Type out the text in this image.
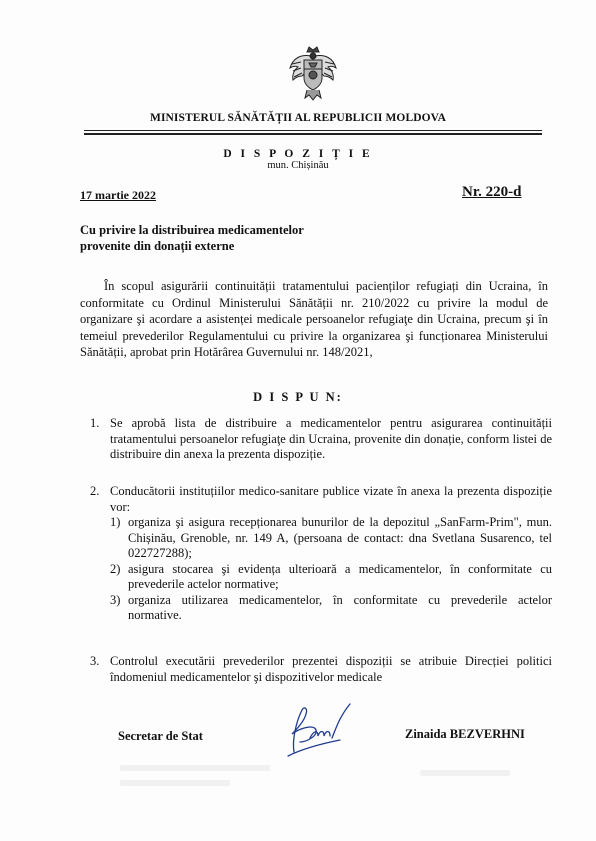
MINISTERUL SĂNĂTĂȚII AL REPUBLICII MOLDOVA
D I S P O Z I Ț I E
mun. Chișinău
17 martie 2022	Nr. 220-d
Cu privire la distribuirea medicamentelor
provenite din donații externe
În scopul asigurării continuității tratamentului pacienților refugiați din Ucraina, în conformitate cu Ordinul Ministerului Sănătății nr. 210/2022 cu privire la modul de organizare şi acordare a asistenței medicale persoanelor refugiaţe din Ucraina, precum şi în temeiul prevederilor Regulamentului cu privire la organizarea şi funcționarea Ministerului Sănătății, aprobat prin Hotărârea Guvernului nr. 148/2021,
D I S P U N:
1. Se aprobă lista de distribuire a medicamentelor pentru asigurarea continuității tratamentului persoanelor refugiaţe din Ucraina, provenite din donație, conform listei de distribuire din anexa la prezenta dispoziție.
2. Conducătorii instituțiilor medico-sanitare publice vizate în anexa la prezenta dispoziție vor:
1) organiza şi asigura recepționarea bunurilor de la depozitul „SanFarm-Prim", mun. Chișinău, Grenoble, nr. 149 A, (persoana de contact: dna Svetlana Susarenco, tel 022727288);
2) asigura stocarea şi evidența ulterioară a medicamentelor, în conformitate cu prevederile actelor normative;
3) organiza utilizarea medicamentelor, în conformitate cu prevederile actelor normative.
3. Controlul executării prevederilor prezentei dispoziții se atribuie Direcției politici îndomeniul medicamentelor şi dispozitivelor medicale
Secretar de Stat	Zinaida BEZVERHNI
